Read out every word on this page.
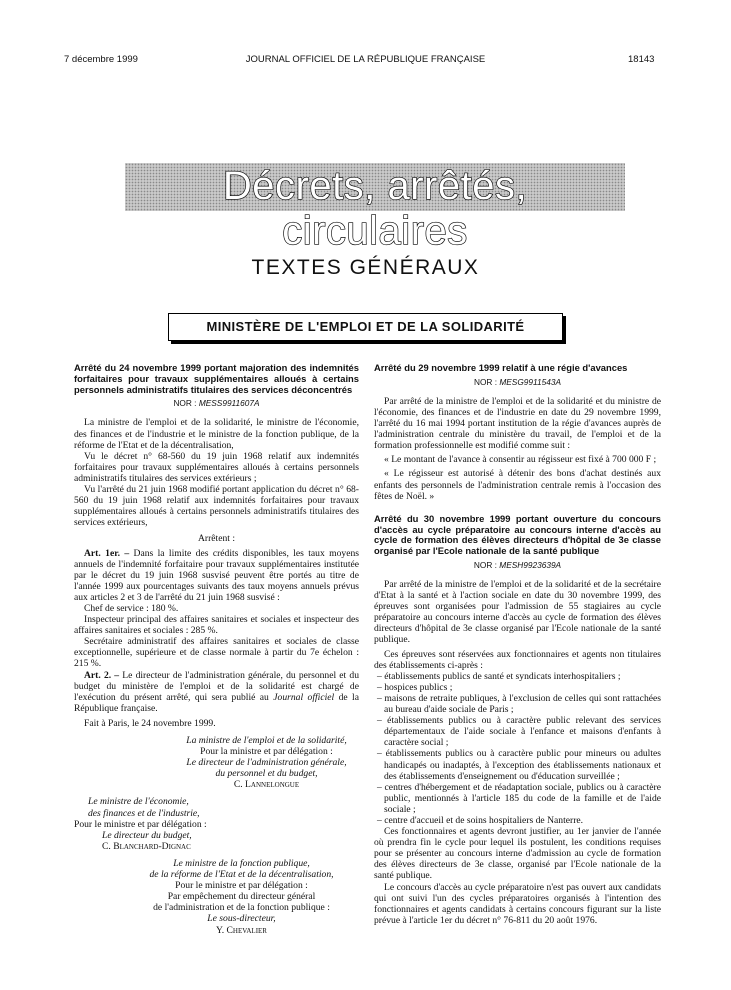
7 décembre 1999	JOURNAL OFFICIEL DE LA RÉPUBLIQUE FRANÇAISE	18143
Décrets, arrêtés, circulaires
TEXTES GÉNÉRAUX
MINISTÈRE DE L'EMPLOI ET DE LA SOLIDARITÉ

Arrêté du 24 novembre 1999 portant majoration des indemnités forfaitaires pour travaux supplémentaires alloués à certains personnels administratifs titulaires des services déconcentrés

NOR : MESS9911607A

La ministre de l'emploi et de la solidarité, le ministre de l'économie, des finances et de l'industrie et le ministre de la fonction publique, de la réforme de l'Etat et de la décentralisation,

Vu le décret n° 68-560 du 19 juin 1968 relatif aux indemnités forfaitaires pour travaux supplémentaires alloués à certains personnels administratifs titulaires des services extérieurs ;

Vu l'arrêté du 21 juin 1968 modifié portant application du décret n° 68-560 du 19 juin 1968 relatif aux indemnités forfaitaires pour travaux supplémentaires alloués à certains personnels administratifs titulaires des services extérieurs,

Arrêtent :

Art. 1er. – Dans la limite des crédits disponibles, les taux moyens annuels de l'indemnité forfaitaire pour travaux supplémentaires institutée par le décret du 19 juin 1968 susvisé peuvent être portés au titre de l'année 1999 aux pourcentages suivants des taux moyens annuels prévus aux articles 2 et 3 de l'arrêté du 21 juin 1968 susvisé :

Chef de service : 180 %.

Inspecteur principal des affaires sanitaires et sociales et inspecteur des affaires sanitaires et sociales : 285 %.

Secrétaire administratif des affaires sanitaires et sociales de classe exceptionnelle, supérieure et de classe normale à partir du 7e échelon : 215 %.

Art. 2. – Le directeur de l'administration générale, du personnel et du budget du ministère de l'emploi et de la solidarité est chargé de l'exécution du présent arrêté, qui sera publié au Journal officiel de la République française.

Fait à Paris, le 24 novembre 1999.

La ministre de l'emploi et de la solidarité,
Pour la ministre et par délégation :
Le directeur de l'administration générale,
du personnel et du budget,
C. Lannelongue
Le ministre de l'économie,
des finances et de l'industrie,
Pour le ministre et par délégation :
Le directeur du budget,
C. Blanchard-Dignac
Le ministre de la fonction publique,
de la réforme de l'Etat et de la décentralisation,
Pour le ministre et par délégation :
Par empêchement du directeur général
de l'administration et de la fonction publique :
Le sous-directeur,
Y. Chevalier

Arrêté du 29 novembre 1999 relatif à une régie d'avances

NOR : MESG9911543A

Par arrêté de la ministre de l'emploi et de la solidarité et du ministre de l'économie, des finances et de l'industrie en date du 29 novembre 1999, l'arrêté du 16 mai 1994 portant institution de la régie d'avances auprès de l'administration centrale du ministère du travail, de l'emploi et de la formation professionnelle est modifié comme suit :

« Le montant de l'avance à consentir au régisseur est fixé à 700 000 F ;

« Le régisseur est autorisé à détenir des bons d'achat destinés aux enfants des personnels de l'administration centrale remis à l'occasion des fêtes de Noël. »

Arrêté du 30 novembre 1999 portant ouverture du concours d'accès au cycle préparatoire au concours interne d'accès au cycle de formation des élèves directeurs d'hôpital de 3e classe organisé par l'Ecole nationale de la santé publique

NOR : MESH9923639A

Par arrêté de la ministre de l'emploi et de la solidarité et de la secrétaire d'Etat à la santé et à l'action sociale en date du 30 novembre 1999, des épreuves sont organisées pour l'admission de 55 stagiaires au cycle préparatoire au concours interne d'accès au cycle de formation des élèves directeurs d'hôpital de 3e classe organisé par l'Ecole nationale de la santé publique.

Ces épreuves sont réservées aux fonctionnaires et agents non titulaires des établissements ci-après :

– établissements publics de santé et syndicats interhospitaliers ;
– hospices publics ;
– maisons de retraite publiques, à l'exclusion de celles qui sont rattachées au bureau d'aide sociale de Paris ;
– établissements publics ou à caractère public relevant des services départementaux de l'aide sociale à l'enfance et maisons d'enfants à caractère social ;
– établissements publics ou à caractère public pour mineurs ou adultes handicapés ou inadaptés, à l'exception des établissements nationaux et des établissements d'enseignement ou d'éducation surveillée ;
– centres d'hébergement et de réadaptation sociale, publics ou à caractère public, mentionnés à l'article 185 du code de la famille et de l'aide sociale ;
– centre d'accueil et de soins hospitaliers de Nanterre.

Ces fonctionnaires et agents devront justifier, au 1er janvier de l'année où prendra fin le cycle pour lequel ils postulent, les conditions requises pour se présenter au concours interne d'admission au cycle de formation des élèves directeurs de 3e classe, organisé par l'Ecole nationale de la santé publique.

Le concours d'accès au cycle préparatoire n'est pas ouvert aux candidats qui ont suivi l'un des cycles préparatoires organisés à l'intention des fonctionnaires et agents candidats à certains concours figurant sur la liste prévue à l'article 1er du décret n° 76-811 du 20 août 1976.
